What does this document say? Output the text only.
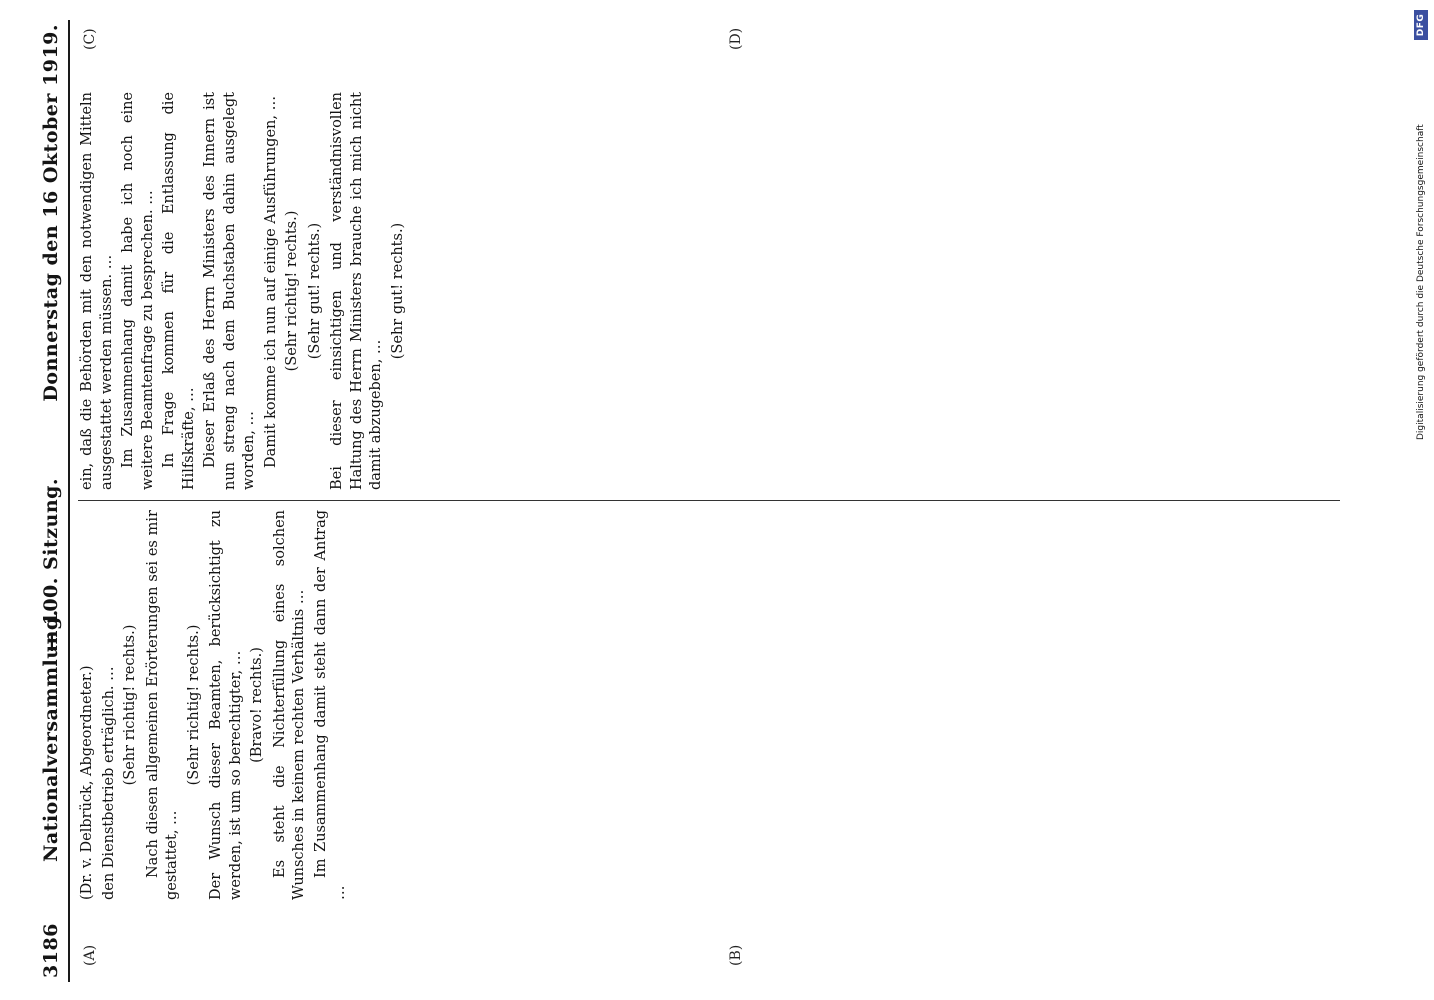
3186
Nationalversammlung.
— 100. Sitzung.
Donnerstag den 16 Oktober 1919.
(A)	(B)
(C)	(D)

(Dr. v. Delbrück, Abgeordneter.) den Dienstbetrieb erträglich. … (Sehr richtig! rechts.) Nach diesen allgemeinen Erörterungen sei es mir gestattet, …

(Sehr richtig! rechts.) Der Wunsch dieser Beamten, berücksichtigt zu werden, ist um so berechtigter, … (Bravo! rechts.) Es steht die Nichterfüllung eines solchen Wunsches in keinem rechten Verhältnis … Im Zusammenhang damit steht dann der Antrag …

ein, daß die Behörden mit den notwendigen Mitteln ausgestattet werden müssen. … Im Zusammenhang damit habe ich noch eine weitere Beamtenfrage zu besprechen. … In Frage kommen für die Entlassung die Hilfskräfte, … Dieser Erlaß des Herrn Ministers des Innern ist nun streng nach dem Buchstaben dahin ausgelegt worden, … Damit komme ich nun auf einige Ausführungen, … (Sehr richtig! rechts.) (Sehr gut! rechts.) Bei dieser einsichtigen und verständnisvollen Haltung des Herrn Ministers brauche ich mich nicht damit abzugeben, …

(Sehr gut! rechts.)	Digitalisierung gefördert durch die Deutsche Forschungsgemeinschaft
DFG
